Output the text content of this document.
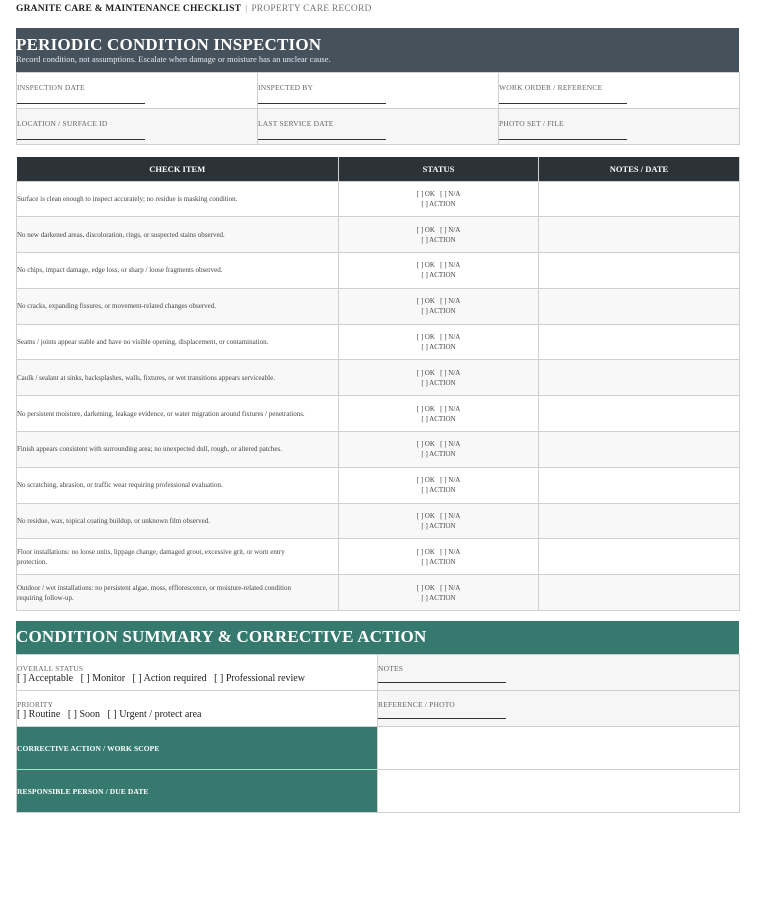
GRANITE CARE & MAINTENANCE CHECKLIST | PROPERTY CARE RECORD
PERIODIC CONDITION INSPECTION
Record condition, not assumptions. Escalate when damage or moisture has an unclear cause.
INSPECTION DATE	INSPECTED BY	WORK ORDER / REFERENCE

LOCATION / SURFACE ID	LAST SERVICE DATE	PHOTO SET / FILE
CHECK ITEM	STATUS	NOTES / DATE
Surface is clean enough to inspect accurately; no residue is masking condition.	[ ] OK   [ ] N/A
[ ] ACTION	

No new darkened areas, discoloration, rings, or suspected stains observed.	[ ] OK   [ ] N/A
[ ] ACTION	

No chips, impact damage, edge loss, or sharp / loose fragments observed.	[ ] OK   [ ] N/A
[ ] ACTION	

No cracks, expanding fissures, or movement-related changes observed.	[ ] OK   [ ] N/A
[ ] ACTION	

Seams / joints appear stable and have no visible opening, displacement, or contamination.	[ ] OK   [ ] N/A
[ ] ACTION	

Caulk / sealant at sinks, backsplashes, walls, fixtures, or wet transitions appears serviceable.	[ ] OK   [ ] N/A
[ ] ACTION	

No persistent moisture, darkening, leakage evidence, or water migration around fixtures / penetrations.	[ ] OK   [ ] N/A
[ ] ACTION	

Finish appears consistent with surrounding area; no unexpected dull, rough, or altered patches.	[ ] OK   [ ] N/A
[ ] ACTION	

No scratching, abrasion, or traffic wear requiring professional evaluation.	[ ] OK   [ ] N/A
[ ] ACTION	

No residue, wax, topical coating buildup, or unknown film observed.	[ ] OK   [ ] N/A
[ ] ACTION	

Floor installations: no loose units, lippage change, damaged grout, excessive grit, or worn entry protection.	[ ] OK   [ ] N/A
[ ] ACTION	

Outdoor / wet installations: no persistent algae, moss, efflorescence, or moisture-related condition requiring follow-up.	[ ] OK   [ ] N/A
[ ] ACTION	

CONDITION SUMMARY & CORRECTIVE ACTION
OVERALL STATUS
[ ] Acceptable   [ ] Monitor   [ ] Action required   [ ] Professional review	NOTES

PRIORITY
[ ] Routine   [ ] Soon   [ ] Urgent / protect area	REFERENCE / PHOTO

CORRECTIVE ACTION / WORK SCOPE	
RESPONSIBLE PERSON / DUE DATE	
